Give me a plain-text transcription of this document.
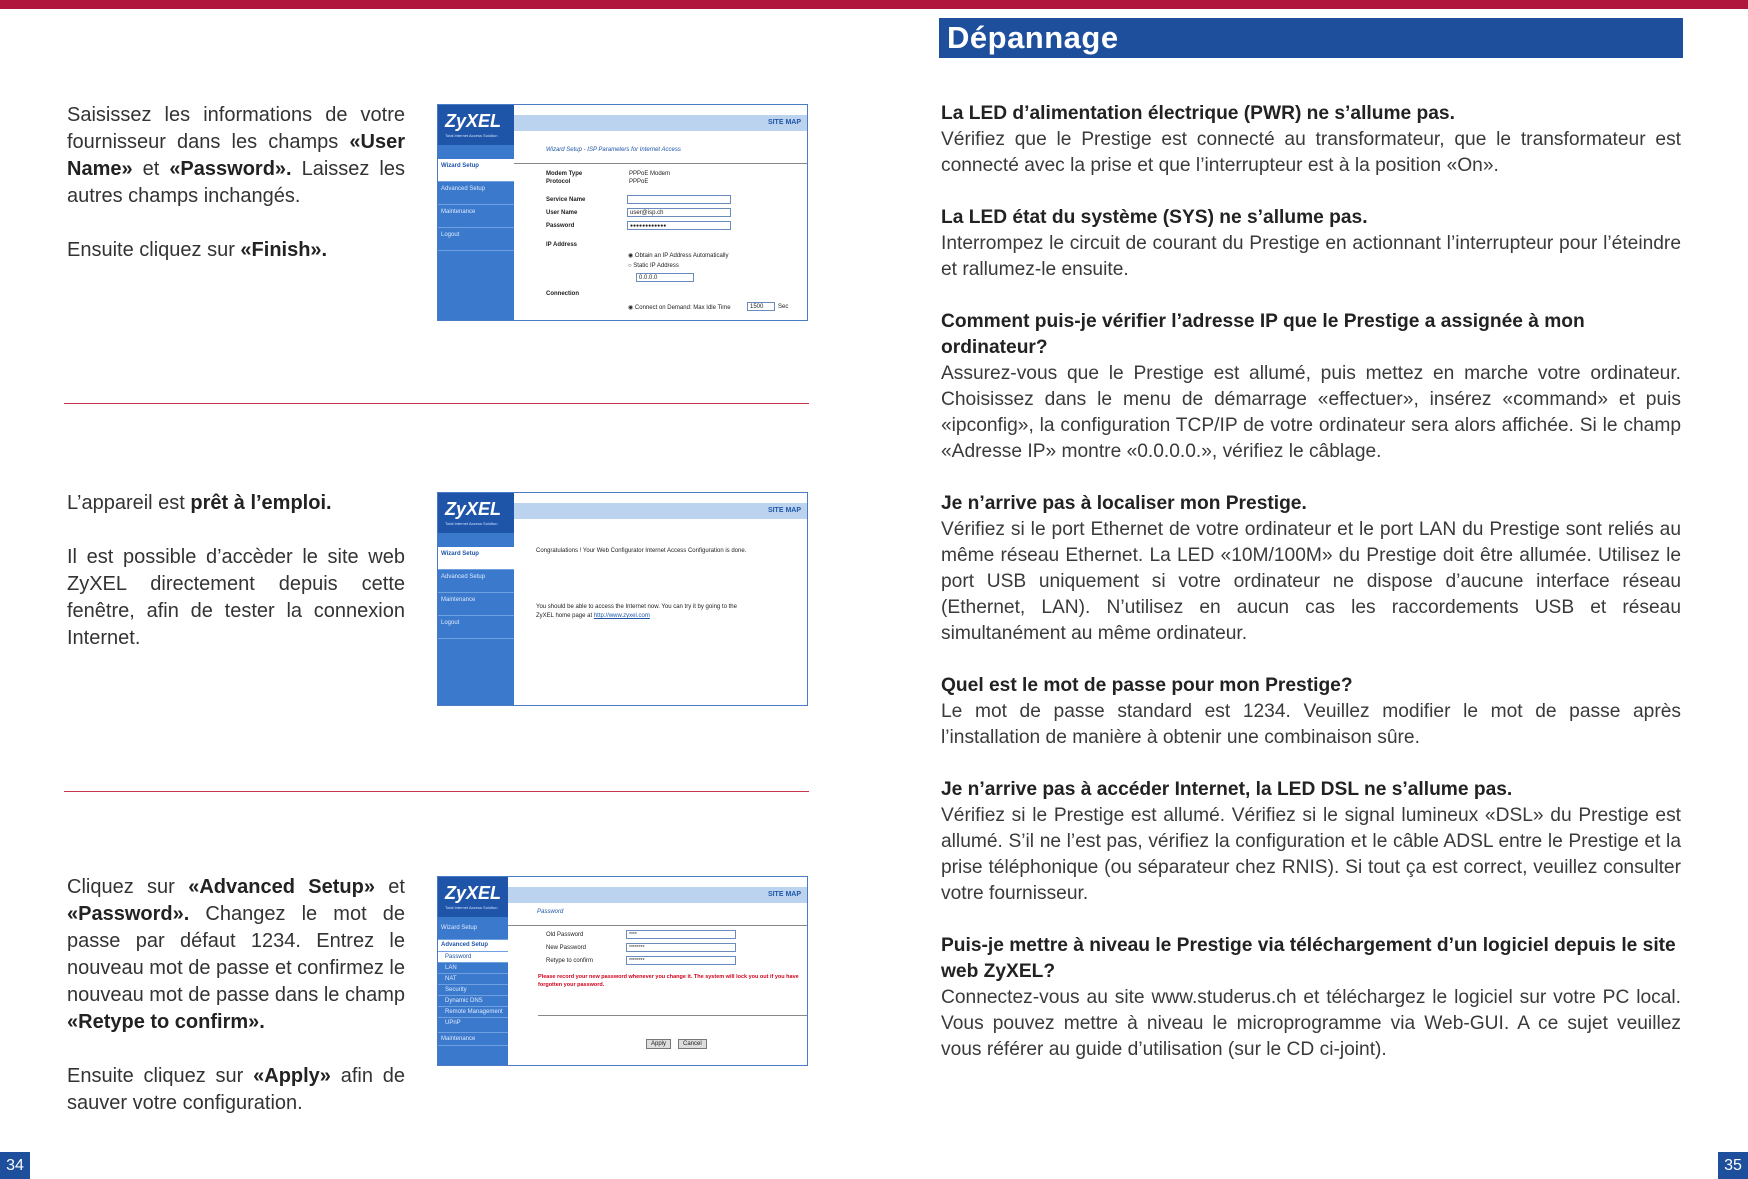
Saisissez les informations de votre fournisseur dans les champs «User Name» et «Password». Laissez les autres champs inchangés.

Ensuite cliquez sur «Finish».

ZyXEL
Total Internet Access Solution
SITE MAP
Wizard Setup
Advanced Setup
Maintenance
Logout
Wizard Setup - ISP Parameters for Internet Access
Modem Type	PPPoE Modem
Protocol	PPPoE
Service Name
User Name	user@isp.ch
Password	●●●●●●●●●●●●
IP Address
◉ Obtain an IP Address Automatically
○ Static IP Address
0.0.0.0
Connection
◉ Connect on Demand: Max Idle Time	1500	Sec

L’appareil est prêt à l’emploi.

Il est possible d’accèder le site web ZyXEL directement depuis cette fenêtre, afin de tester la connexion Internet.

ZyXEL
Total Internet Access Solution
SITE MAP
Wizard Setup
Advanced Setup
Maintenance
Logout
Congratulations ! Your Web Configurator Internet Access Configuration is done.
You should be able to access the Internet now. You can try it by going to the ZyXEL home page at http://www.zyxel.com

Cliquez sur «Advanced Setup» et «Password». Changez le mot de passe par défaut 1234. Entrez le nouveau mot de passe et confirmez le nouveau mot de passe dans le champ «Retype to confirm».

Ensuite cliquez sur «Apply» afin de sauver votre configuration.

ZyXEL
Total Internet Access Solution
SITE MAP
Wizard Setup
Advanced Setup
Password
LAN
NAT
Security
Dynamic DNS
Remote Management
UPnP
Maintenance
Password
Old Password	****
New Password	********
Retype to confirm	********
Please record your new password whenever you change it. The system will lock you out if you have forgotten your password.
Apply	Cancel
34
Dépannage
La LED d’alimentation électrique (PWR) ne s’allume pas.

Vérifiez que le Prestige est connecté au transformateur, que le transformateur est connecté avec la prise et que l’interrupteur est à la position «On».

La LED état du système (SYS) ne s’allume pas.

Interrompez le circuit de courant du Prestige en actionnant l’interrupteur pour l’éteindre et rallumez-le ensuite.

Comment puis-je vérifier l’adresse IP que le Prestige a assignée à mon ordinateur?

Assurez-vous que le Prestige est allumé, puis mettez en marche votre ordinateur. Choisissez dans le menu de démarrage «effectuer», insérez «command» et puis «ipconfig», la configuration TCP/IP de votre ordinateur sera alors affichée. Si le champ «Adresse IP» montre «0.0.0.0.», vérifiez le câblage.

Je n’arrive pas à localiser mon Prestige.

Vérifiez si le port Ethernet de votre ordinateur et le port LAN du Prestige sont reliés au même réseau Ethernet. La LED «10M/100M» du Prestige doit être allumée. Utilisez le port USB uniquement si votre ordinateur ne dispose d’aucune interface réseau (Ethernet, LAN). N’utilisez en aucun cas les raccordements USB et réseau simultanément au même ordinateur.

Quel est le mot de passe pour mon Prestige?

Le mot de passe standard est 1234. Veuillez modifier le mot de passe après l’installation de manière à obtenir une combinaison sûre.

Je n’arrive pas à accéder Internet, la LED DSL ne s’allume pas.

Vérifiez si le Prestige est allumé. Vérifiez si le signal lumineux «DSL» du Prestige est allumé. S’il ne l’est pas, vérifiez la configuration et le câble ADSL entre le Prestige et la prise téléphonique (ou séparateur chez RNIS). Si tout ça est correct, veuillez consulter votre fournisseur.

Puis-je mettre à niveau le Prestige via téléchargement d’un logiciel depuis le site web ZyXEL?

Connectez-vous au site www.studerus.ch et téléchargez le logiciel sur votre PC local. Vous pouvez mettre à niveau le microprogramme via Web-GUI. A ce sujet veuillez vous référer au guide d’utilisation (sur le CD ci-joint).

35
